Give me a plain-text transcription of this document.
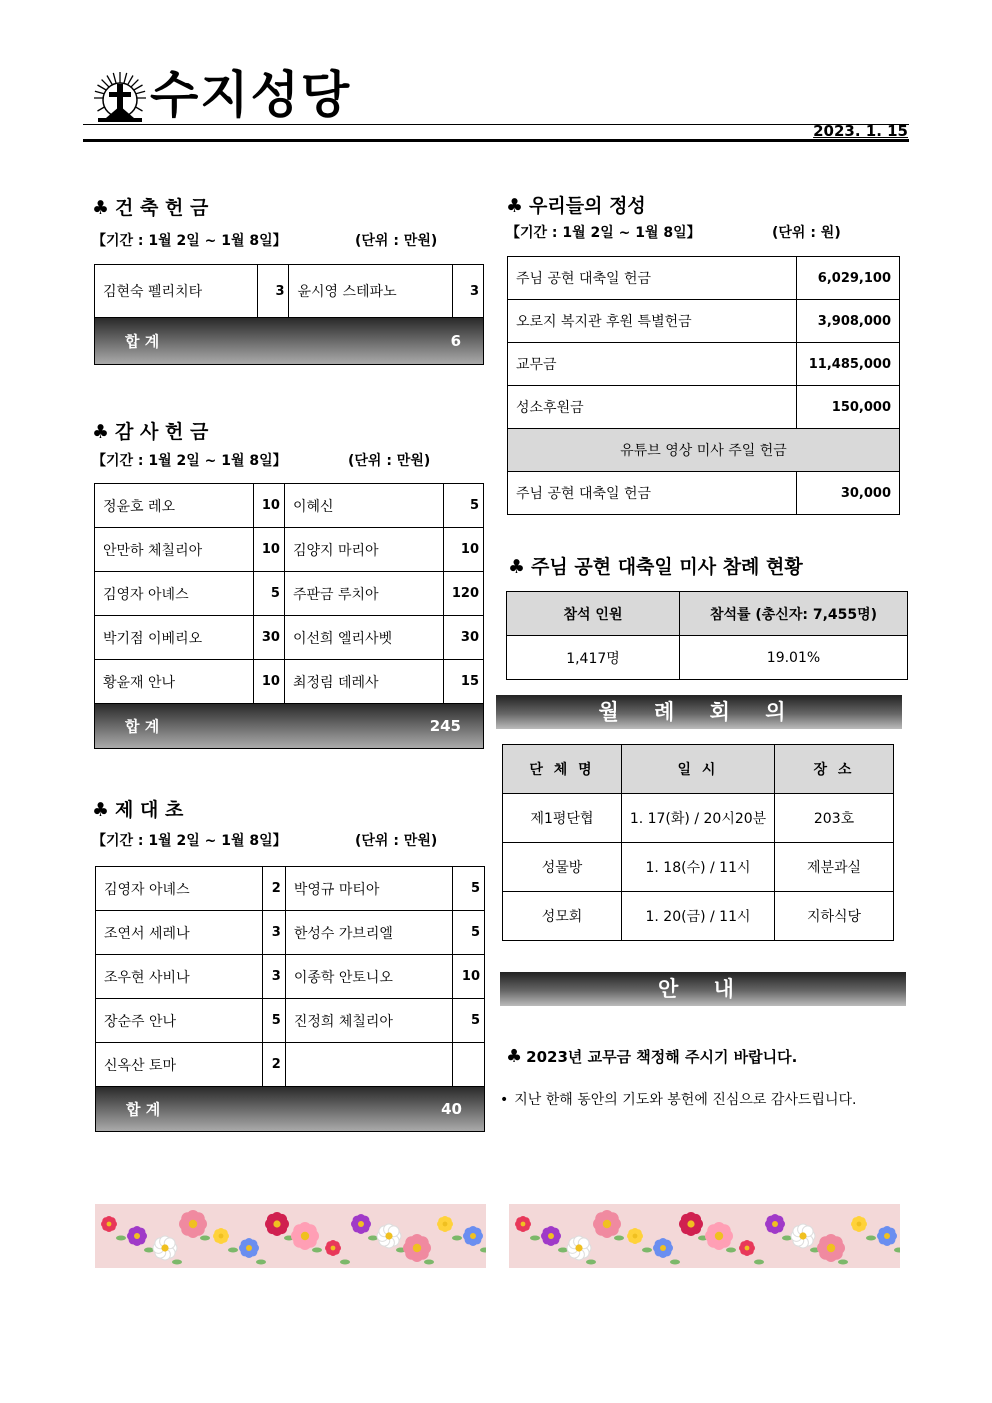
수지성당
2023. 1. 15
♣ 건 축 헌 금
【기간 : 1월 2일 ~ 1월 8일】	(단위 : 만원)
김현숙 펠리치타	3	윤시영 스테파노	3
합 계	6
♣ 감 사 헌 금
【기간 : 1월 2일 ~ 1월 8일】	(단위 : 만원)
정윤호 레오	10	이혜신	5
안만하 체칠리아	10	김양지 마리아	10
김영자 아녜스	5	주판금 루치아	120
박기점 이베리오	30	이선희 엘리사벳	30
황윤재 안나	10	최정림 데레사	15
합 계	245
♣ 제 대 초
【기간 : 1월 2일 ~ 1월 8일】	(단위 : 만원)
김영자 아녜스	2	박영규 마티아	5
조연서 세레나	3	한성수 가브리엘	5
조우현 사비나	3	이종학 안토니오	10
장순주 안나	5	진정희 체칠리아	5
신옥산 토마	2		
합 계	40
♣ 우리들의 정성
【기간 : 1월 2일 ~ 1월 8일】	(단위 : 원)
주님 공현 대축일 헌금	6,029,100
오로지 복지관 후원 특별헌금	3,908,000
교무금	11,485,000
성소후원금	150,000
유튜브 영상 미사 주일 헌금	
주님 공현 대축일 헌금	30,000
♣ 주님 공현 대축일 미사 참례 현황
참석 인원	참석률 (총신자: 7,455명)
1,417명	19.01%
월 례 회 의
단 체 명	일 시	장 소
제1평단협	1. 17(화) / 20시20분	203호
성물방	1. 18(수) / 11시	제분과실
성모회	1. 20(금) / 11시	지하식당
안 내
♣ 2023년 교무금 책정해 주시기 바랍니다.
• 지난 한해 동안의 기도와 봉헌에 진심으로 감사드립니다.
